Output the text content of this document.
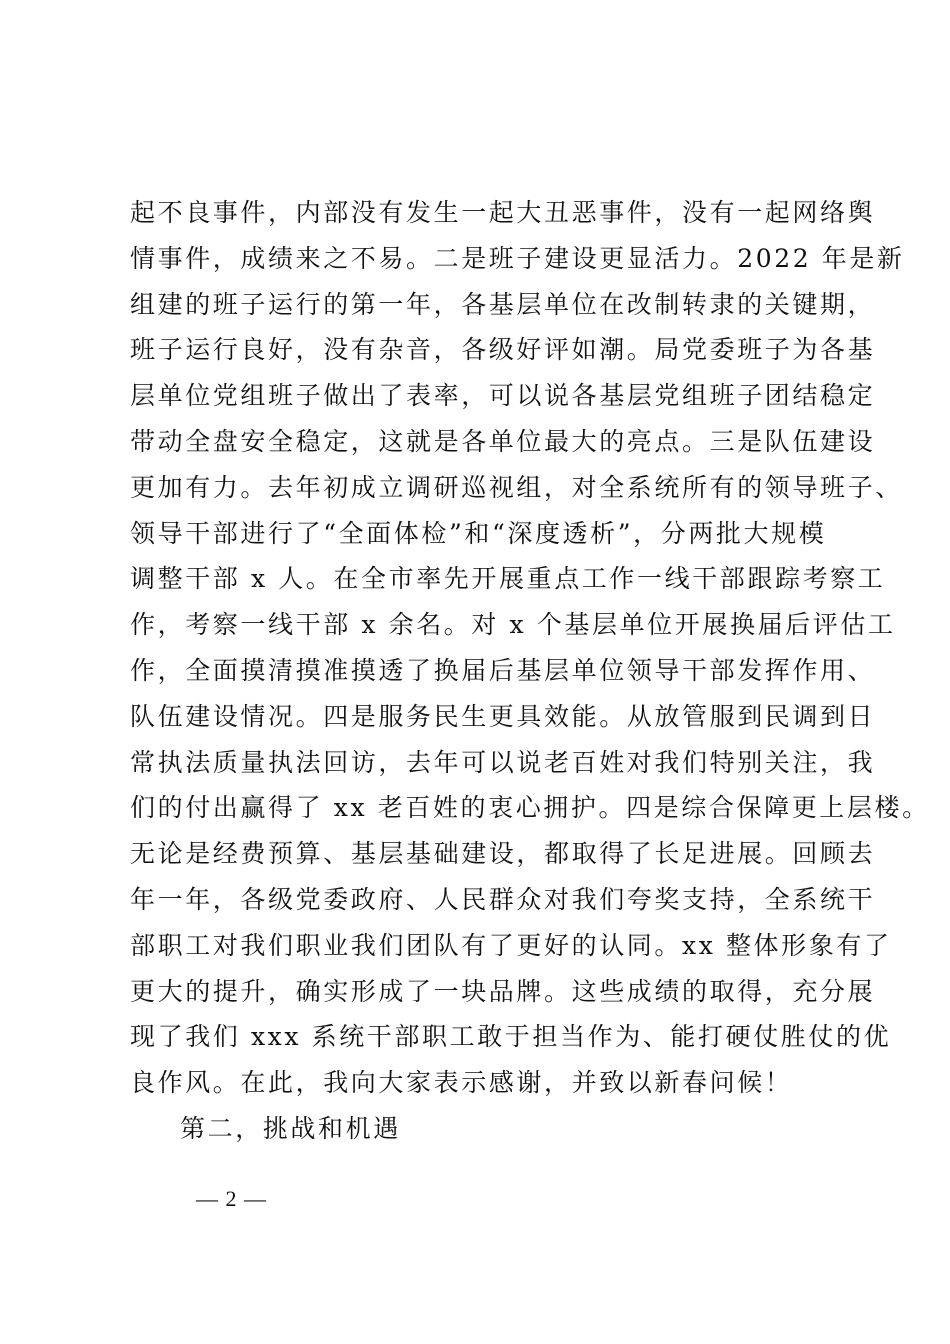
起不良事件，内部没有发生一起大丑恶事件，没有一起网络舆
情事件，成绩来之不易。二是班子建设更显活力。2022 年是新
组建的班子运行的第一年，各基层单位在改制转隶的关键期，
班子运行良好，没有杂音，各级好评如潮。局党委班子为各基
层单位党组班子做出了表率，可以说各基层党组班子团结稳定
带动全盘安全稳定，这就是各单位最大的亮点。三是队伍建设
更加有力。去年初成立调研巡视组，对全系统所有的领导班子、
领导干部进行了“全面体检”和“深度透析”，分两批大规模
调整干部 x 人。在全市率先开展重点工作一线干部跟踪考察工
作，考察一线干部 x 余名。对 x 个基层单位开展换届后评估工
作，全面摸清摸准摸透了换届后基层单位领导干部发挥作用、
队伍建设情况。四是服务民生更具效能。从放管服到民调到日
常执法质量执法回访，去年可以说老百姓对我们特别关注，我
们的付出赢得了 xx 老百姓的衷心拥护。四是综合保障更上层楼。
无论是经费预算、基层基础建设，都取得了长足进展。回顾去
年一年，各级党委政府、人民群众对我们夸奖支持，全系统干
部职工对我们职业我们团队有了更好的认同。xx 整体形象有了
更大的提升，确实形成了一块品牌。这些成绩的取得，充分展
现了我们 xxx 系统干部职工敢于担当作为、能打硬仗胜仗的优
良作风。在此，我向大家表示感谢，并致以新春问候！
第二，挑战和机遇
— 2 —
